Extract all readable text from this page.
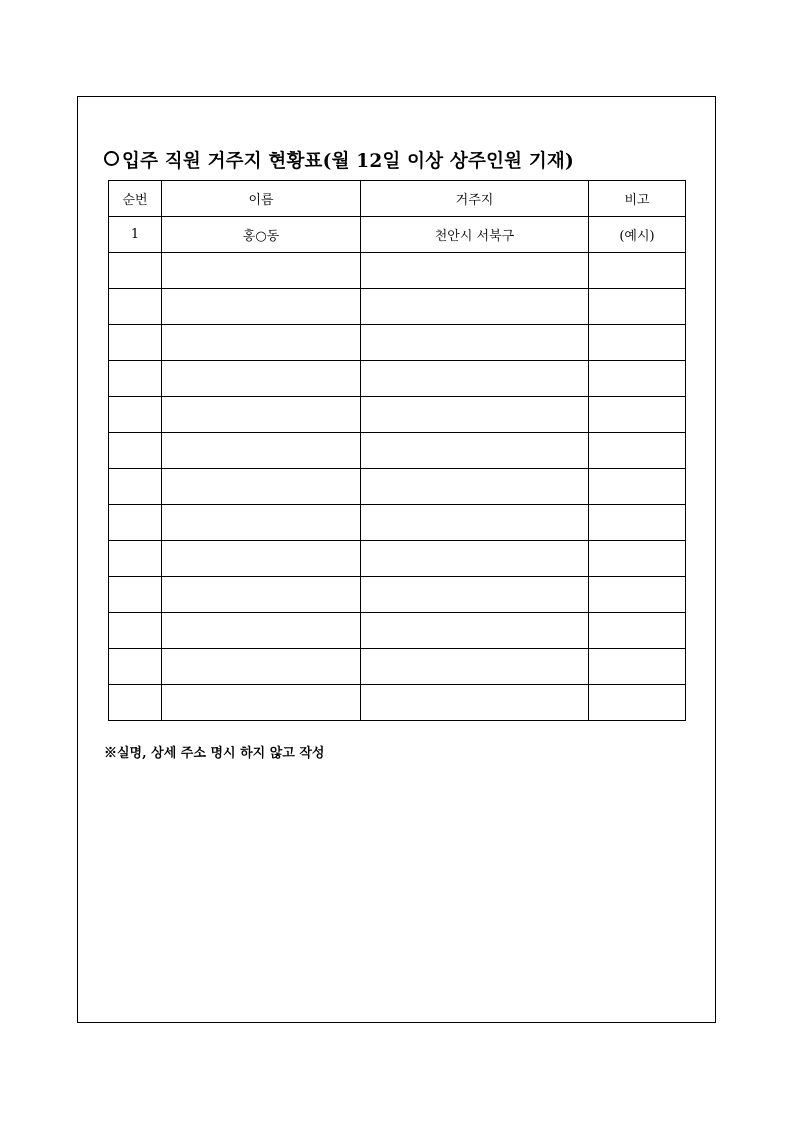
입주 직원 거주지 현황표(월 12일 이상 상주인원 기재)
순번	이름	거주지	비고
1	홍○동	천안시 서북구	(예시)

※실명, 상세 주소 명시 하지 않고 작성
